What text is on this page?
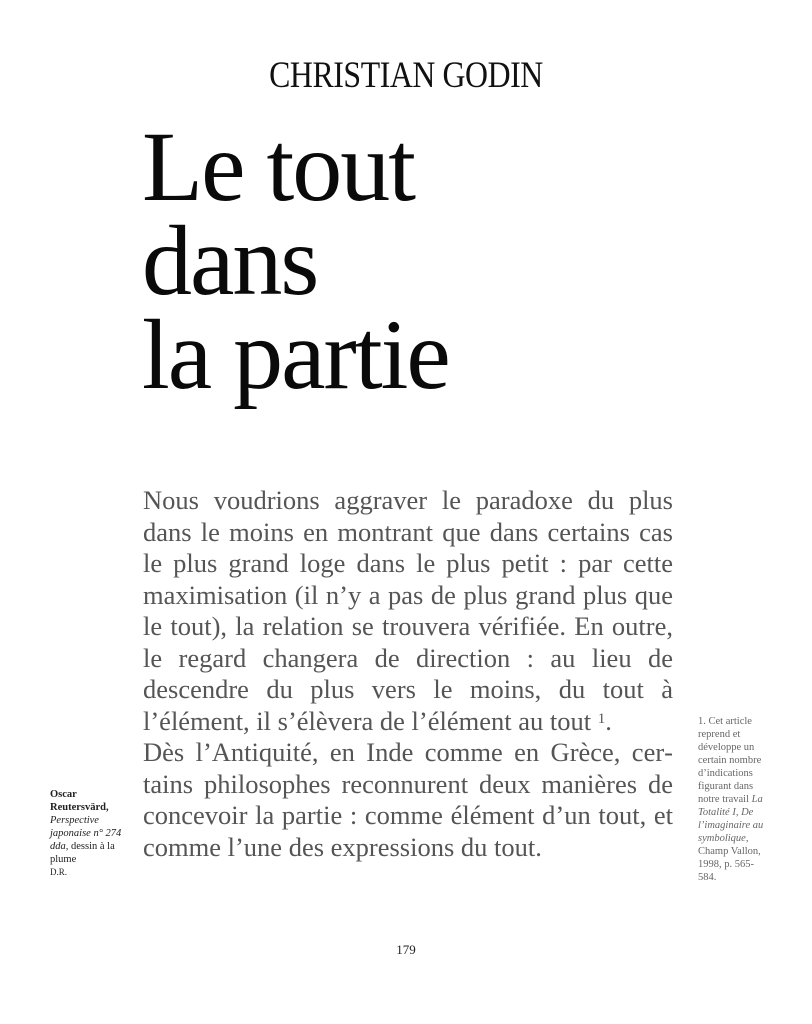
CHRISTIAN GODIN
Le tout
dans
la partie

Nous voudrions aggraver le paradoxe du plus dans le moins en montrant que dans certains cas le plus grand loge dans le plus petit : par cette maximisation (il n’y a pas de plus grand plus que le tout), la relation se trouvera vérifiée. En outre, le regard changera de direction : au lieu de descendre du plus vers le moins, du tout à l’élément, il s’élèvera de l’élément au tout $^1$.

Dès l’Antiquité, en Inde comme en Grèce, certains philosophes reconnurent deux manières de concevoir la partie : comme élément d’un tout, et comme l’une des expressions du tout.

Oscar Reutersvärd,
Perspective japonaise n° 274 dda, dessin à la plume
D.R.
1. Cet article reprend et développe un certain nombre d’indications figurant dans notre travail La Totalité I, De l’imaginaire au symbolique, Champ Vallon, 1998, p. 565-584.
179
